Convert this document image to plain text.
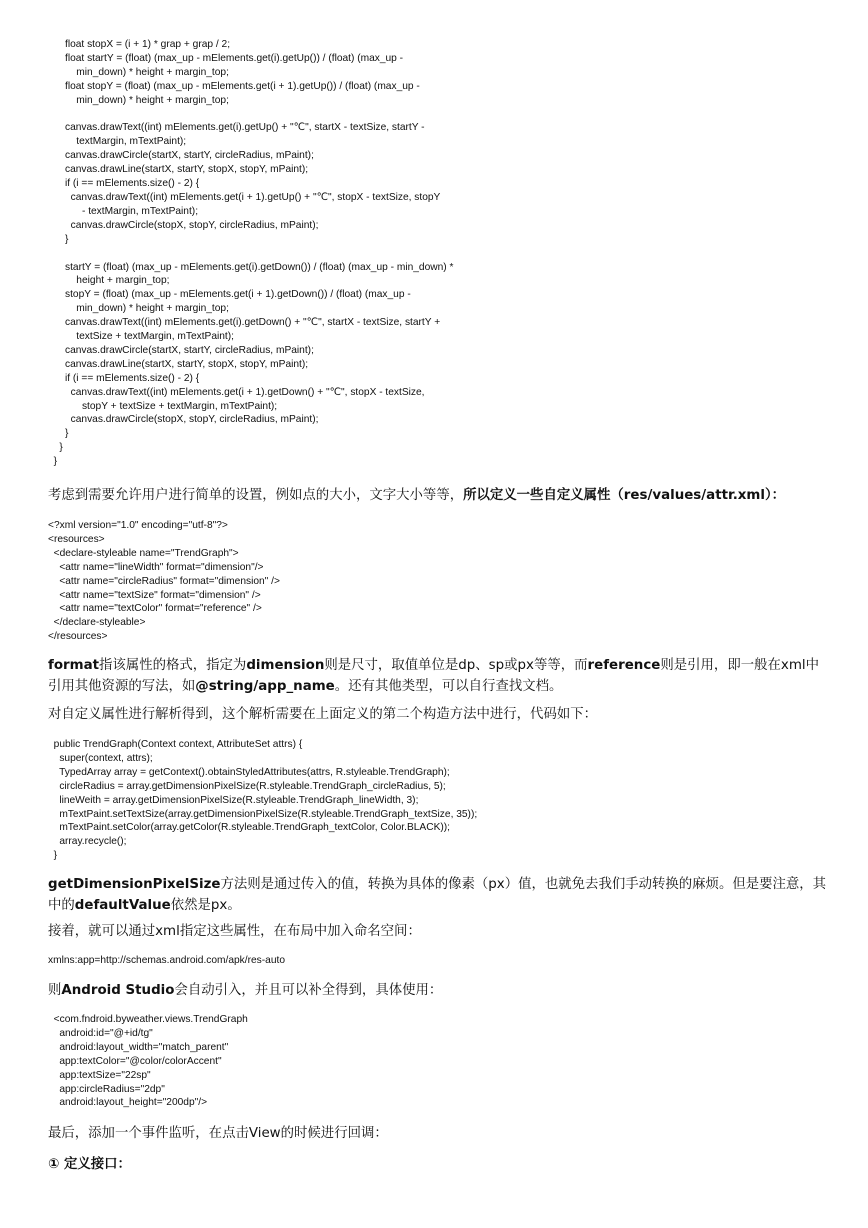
float stopX = (i + 1) * grap + grap / 2;
float startY = (float) (max_up - mElements.get(i).getUp()) / (float) (max_up -
min_down) * height + margin_top;
float stopY = (float) (max_up - mElements.get(i + 1).getUp()) / (float) (max_up -
min_down) * height + margin_top;

canvas.drawText((int) mElements.get(i).getUp() + "℃", startX - textSize, startY -
textMargin, mTextPaint);
canvas.drawCircle(startX, startY, circleRadius, mPaint);
canvas.drawLine(startX, startY, stopX, stopY, mPaint);
if (i == mElements.size() - 2) {
canvas.drawText((int) mElements.get(i + 1).getUp() + "℃", stopX - textSize, stopY
- textMargin, mTextPaint);
canvas.drawCircle(stopX, stopY, circleRadius, mPaint);
}

startY = (float) (max_up - mElements.get(i).getDown()) / (float) (max_up - min_down) *
height + margin_top;
stopY = (float) (max_up - mElements.get(i + 1).getDown()) / (float) (max_up -
min_down) * height + margin_top;
canvas.drawText((int) mElements.get(i).getDown() + "℃", startX - textSize, startY +
textSize + textMargin, mTextPaint);
canvas.drawCircle(startX, startY, circleRadius, mPaint);
canvas.drawLine(startX, startY, stopX, stopY, mPaint);
if (i == mElements.size() - 2) {
canvas.drawText((int) mElements.get(i + 1).getDown() + "℃", stopX - textSize,
stopY + textSize + textMargin, mTextPaint);
canvas.drawCircle(stopX, stopY, circleRadius, mPaint);
}
}
}

考虑到需要允许用户进行简单的设置，例如点的大小，文字大小等等，所以定义一些自定义属性（res/values/attr.xml）：

<?xml version="1.0" encoding="utf-8"?>
<resources>
<declare-styleable name="TrendGraph">
<attr name="lineWidth" format="dimension"/>
<attr name="circleRadius" format="dimension" />
<attr name="textSize" format="dimension" />
<attr name="textColor" format="reference" />
</declare-styleable>
</resources>

format指该属性的格式，指定为dimension则是尺寸，取值单位是dp、sp或px等等，而reference则是引用，即一般在xml中引用其他资源的写法，如@string/app_name。还有其他类型，可以自行查找文档。

对自定义属性进行解析得到，这个解析需要在上面定义的第二个构造方法中进行，代码如下：

public TrendGraph(Context context, AttributeSet attrs) {
super(context, attrs);
TypedArray array = getContext().obtainStyledAttributes(attrs, R.styleable.TrendGraph);
circleRadius = array.getDimensionPixelSize(R.styleable.TrendGraph_circleRadius, 5);
lineWeith = array.getDimensionPixelSize(R.styleable.TrendGraph_lineWidth, 3);
mTextPaint.setTextSize(array.getDimensionPixelSize(R.styleable.TrendGraph_textSize, 35));
mTextPaint.setColor(array.getColor(R.styleable.TrendGraph_textColor, Color.BLACK));
array.recycle();
}

getDimensionPixelSize方法则是通过传入的值，转换为具体的像素（px）值，也就免去我们手动转换的麻烦。但是要注意，其中的defaultValue依然是px。

接着，就可以通过xml指定这些属性，在布局中加入命名空间：

xmlns:app=http://schemas.android.com/apk/res-auto

则Android Studio会自动引入，并且可以补全得到，具体使用：

<com.fndroid.byweather.views.TrendGraph
android:id="@+id/tg"
android:layout_width="match_parent"
app:textColor="@color/colorAccent"
app:textSize="22sp"
app:circleRadius="2dp"
android:layout_height="200dp"/>

最后，添加一个事件监听，在点击View的时候进行回调：

① 定义接口：
